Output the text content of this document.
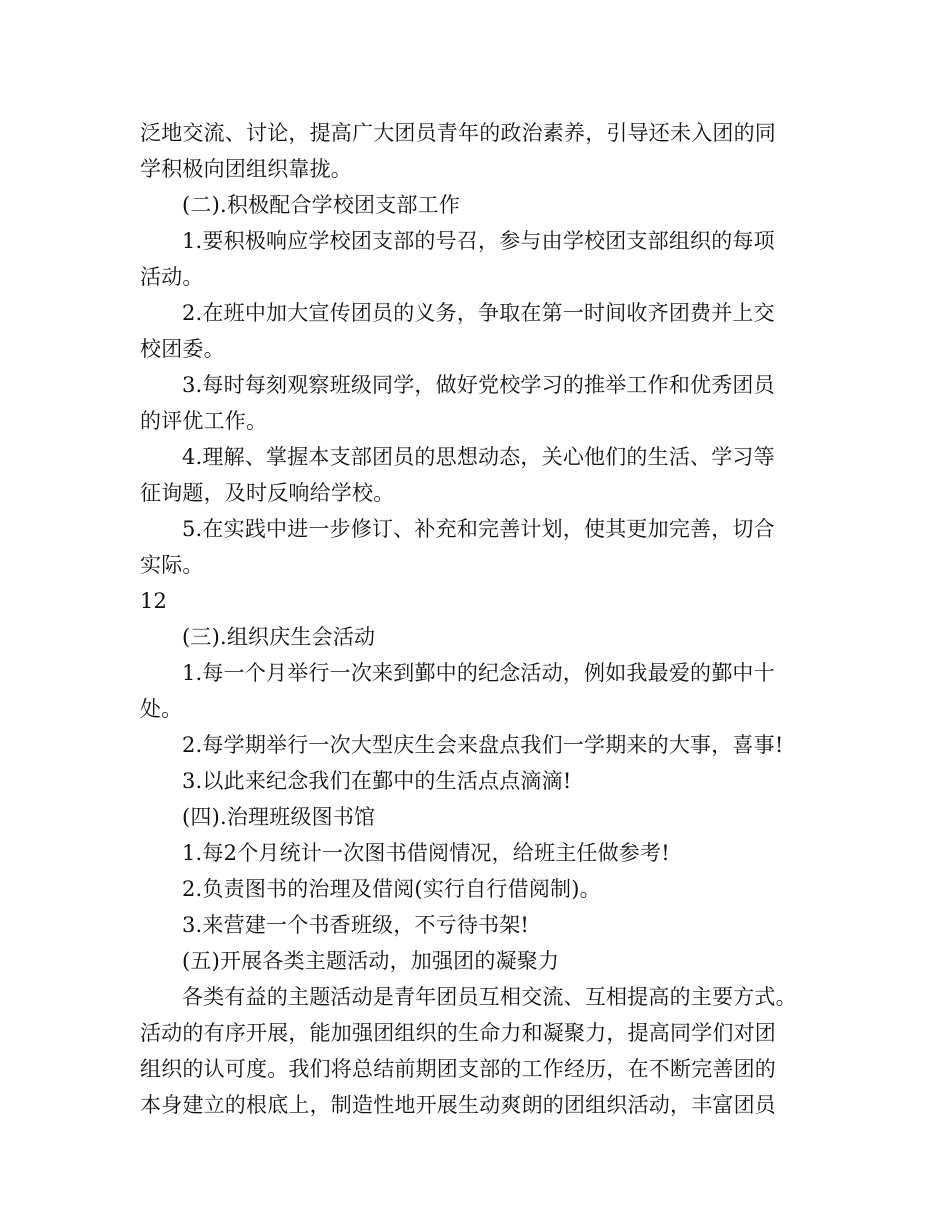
泛地交流、讨论，提高广大团员青年的政治素养，引导还未入团的同
学积极向团组织靠拢。
(二).积极配合学校团支部工作
1.要积极响应学校团支部的号召，参与由学校团支部组织的每项
活动。
2.在班中加大宣传团员的义务，争取在第一时间收齐团费并上交
校团委。
3.每时每刻观察班级同学，做好党校学习的推举工作和优秀团员
的评优工作。
4.理解、掌握本支部团员的思想动态，关心他们的生活、学习等
征询题，及时反响给学校。
5.在实践中进一步修订、补充和完善计划，使其更加完善，切合
实际。
12
(三).组织庆生会活动
1.每一个月举行一次来到鄞中的纪念活动，例如我最爱的鄞中十
处。
2.每学期举行一次大型庆生会来盘点我们一学期来的大事，喜事!
3.以此来纪念我们在鄞中的生活点点滴滴!
(四).治理班级图书馆
1.每2个月统计一次图书借阅情况，给班主任做参考!
2.负责图书的治理及借阅(实行自行借阅制)。
3.来营建一个书香班级，不亏待书架!
(五)开展各类主题活动，加强团的凝聚力
各类有益的主题活动是青年团员互相交流、互相提高的主要方式。
活动的有序开展，能加强团组织的生命力和凝聚力，提高同学们对团
组织的认可度。我们将总结前期团支部的工作经历，在不断完善团的
本身建立的根底上，制造性地开展生动爽朗的团组织活动，丰富团员
